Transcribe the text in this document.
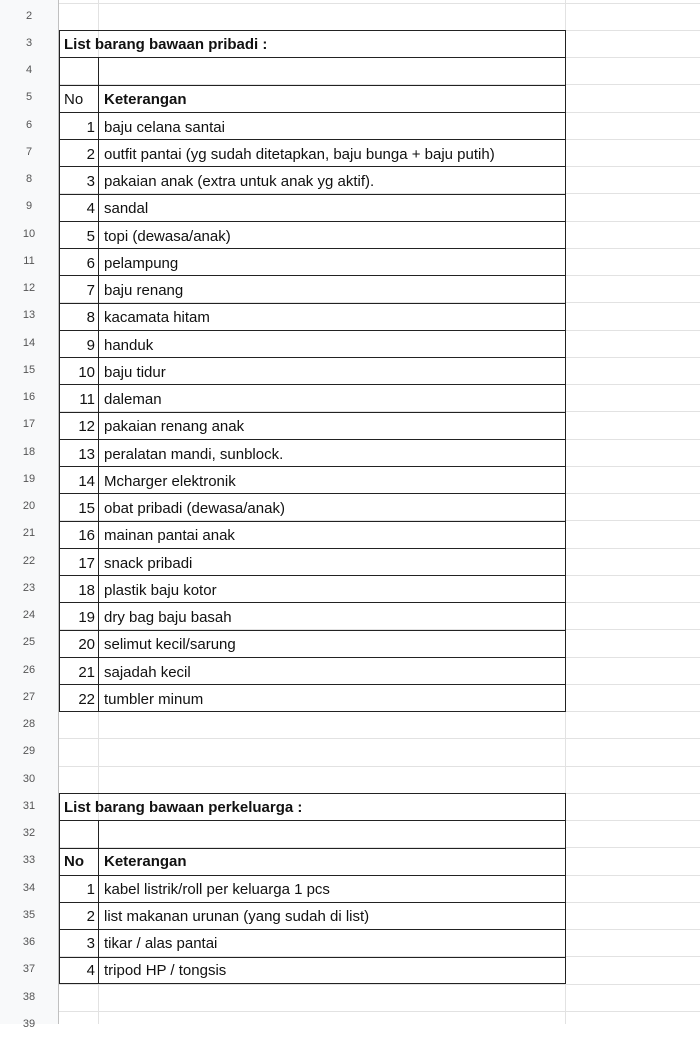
2
3
4
5
6
7
8
9
10
11
12
13
14
15
16
17
18
19
20
21
22
23
24
25
26
27
28
29
30
31
32
33
34
35
36
37
38
39
List barang bawaan pribadi :
No Keterangan
1 baju celana santai
2 outfit pantai (yg sudah ditetapkan, baju bunga + baju putih)
3 pakaian anak (extra untuk anak yg aktif).
4 sandal
5 topi (dewasa/anak)
6 pelampung
7 baju renang
8 kacamata hitam
9 handuk
10 baju tidur
11 daleman
12 pakaian renang anak
13 peralatan mandi, sunblock.
14 Mcharger elektronik
15 obat pribadi (dewasa/anak)
16 mainan pantai anak
17 snack pribadi
18 plastik baju kotor
19 dry bag baju basah
20 selimut kecil/sarung
21 sajadah kecil
22 tumbler minum
List barang bawaan perkeluarga :
No Keterangan
1 kabel listrik/roll per keluarga 1 pcs
2 list makanan urunan (yang sudah di list)
3 tikar / alas pantai
4 tripod HP / tongsis
